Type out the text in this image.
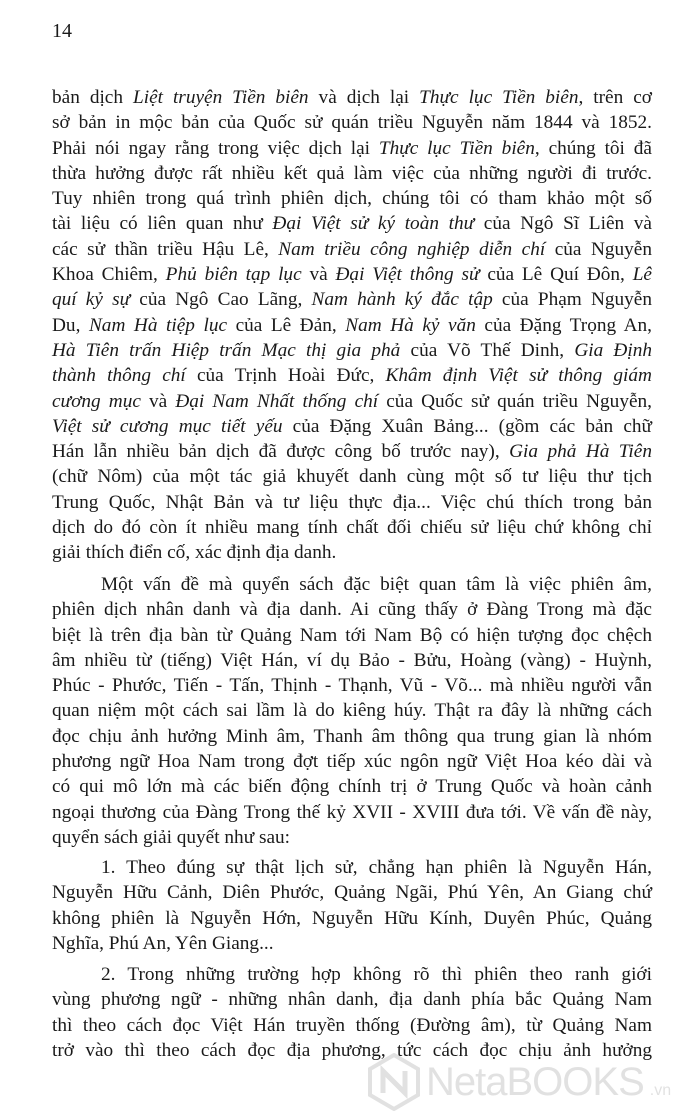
14
bản dịch Liệt truyện Tiền biên và dịch lại Thực lục Tiền biên, trên cơ
sở bản in mộc bản của Quốc sử quán triều Nguyễn năm 1844 và 1852.
Phải nói ngay rằng trong việc dịch lại Thực lục Tiền biên, chúng tôi đã
thừa hưởng được rất nhiều kết quả làm việc của những người đi trước.
Tuy nhiên trong quá trình phiên dịch, chúng tôi có tham khảo một số
tài liệu có liên quan như Đại Việt sử ký toàn thư của Ngô Sĩ Liên và
các sử thần triều Hậu Lê, Nam triều công nghiệp diễn chí của Nguyễn
Khoa Chiêm, Phủ biên tạp lục và Đại Việt thông sử của Lê Quí Đôn, Lê
quí kỷ sự của Ngô Cao Lãng, Nam hành ký đắc tập của Phạm Nguyễn
Du, Nam Hà tiệp lục của Lê Đản, Nam Hà kỷ văn của Đặng Trọng An,
Hà Tiên trấn Hiệp trấn Mạc thị gia phả của Võ Thế Dinh, Gia Định
thành thông chí của Trịnh Hoài Đức, Khâm định Việt sử thông giám
cương mục và Đại Nam Nhất thống chí của Quốc sử quán triều Nguyễn,
Việt sử cương mục tiết yếu của Đặng Xuân Bảng... (gồm các bản chữ
Hán lẫn nhiều bản dịch đã được công bố trước nay), Gia phả Hà Tiên
(chữ Nôm) của một tác giả khuyết danh cùng một số tư liệu thư tịch
Trung Quốc, Nhật Bản và tư liệu thực địa... Việc chú thích trong bản
dịch do đó còn ít nhiều mang tính chất đối chiếu sử liệu chứ không chỉ
giải thích điển cố, xác định địa danh.
Một vấn đề mà quyển sách đặc biệt quan tâm là việc phiên âm,
phiên dịch nhân danh và địa danh. Ai cũng thấy ở Đàng Trong mà đặc
biệt là trên địa bàn từ Quảng Nam tới Nam Bộ có hiện tượng đọc chệch
âm nhiều từ (tiếng) Việt Hán, ví dụ Bảo - Bửu, Hoàng (vàng) - Huỳnh,
Phúc - Phước, Tiến - Tấn, Thịnh - Thạnh, Vũ - Võ... mà nhiều người vẫn
quan niệm một cách sai lầm là do kiêng húy. Thật ra đây là những cách
đọc chịu ảnh hưởng Minh âm, Thanh âm thông qua trung gian là nhóm
phương ngữ Hoa Nam trong đợt tiếp xúc ngôn ngữ Việt Hoa kéo dài và
có qui mô lớn mà các biến động chính trị ở Trung Quốc và hoàn cảnh
ngoại thương của Đàng Trong thế kỷ XVII - XVIII đưa tới. Về vấn đề này,
quyển sách giải quyết như sau:
1. Theo đúng sự thật lịch sử, chẳng hạn phiên là Nguyễn Hán,
Nguyễn Hữu Cảnh, Diên Phước, Quảng Ngãi, Phú Yên, An Giang chứ
không phiên là Nguyễn Hớn, Nguyễn Hữu Kính, Duyên Phúc, Quảng
Nghĩa, Phú An, Yên Giang...
2. Trong những trường hợp không rõ thì phiên theo ranh giới
vùng phương ngữ - những nhân danh, địa danh phía bắc Quảng Nam
thì theo cách đọc Việt Hán truyền thống (Đường âm), từ Quảng Nam
trở vào thì theo cách đọc địa phương, tức cách đọc chịu ảnh hưởng
NetaBOOKS .vn
